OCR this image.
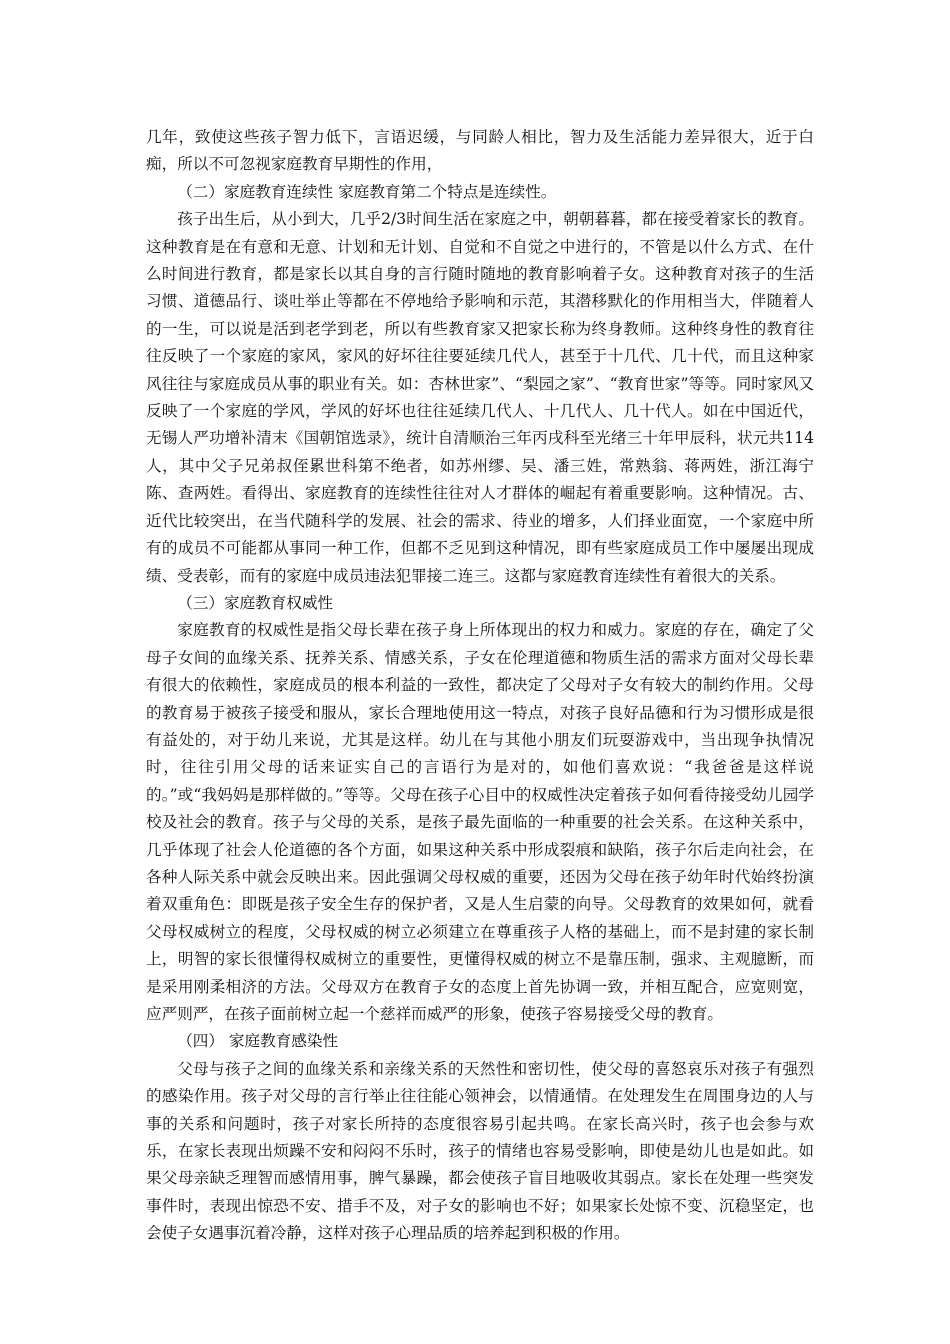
几年，致使这些孩子智力低下，言语迟缓，与同龄人相比，智力及生活能力差异很大，近于白痴，所以不可忽视家庭教育早期性的作用，

（二）家庭教育连续性 家庭教育第二个特点是连续性。

孩子出生后，从小到大，几乎2/3时间生活在家庭之中，朝朝暮暮，都在接受着家长的教育。这种教育是在有意和无意、计划和无计划、自觉和不自觉之中进行的，不管是以什么方式、在什么时间进行教育，都是家长以其自身的言行随时随地的教育影响着子女。这种教育对孩子的生活习惯、道德品行、谈吐举止等都在不停地给予影响和示范，其潜移默化的作用相当大，伴随着人的一生，可以说是活到老学到老，所以有些教育家又把家长称为终身教师。这种终身性的教育往往反映了一个家庭的家风，家风的好坏往往要延续几代人，甚至于十几代、几十代，而且这种家风往往与家庭成员从事的职业有关。如：杏林世家”、“梨园之家”、“教育世家”等等。同时家风又反映了一个家庭的学风，学风的好坏也往往延续几代人、十几代人、几十代人。如在中国近代，无锡人严功增补清末《国朝馆选录》，统计自清顺治三年丙戌科至光绪三十年甲辰科，状元共114人，其中父子兄弟叔侄累世科第不绝者，如苏州缪、吴、潘三姓，常熟翁、蒋两姓，浙江海宁陈、查两姓。看得出、家庭教育的连续性往往对人才群体的崛起有着重要影响。这种情况。古、近代比较突出，在当代随科学的发展、社会的需求、待业的增多，人们择业面宽，一个家庭中所有的成员不可能都从事同一种工作，但都不乏见到这种情况，即有些家庭成员工作中屡屡出现成绩、受表彰，而有的家庭中成员违法犯罪接二连三。这都与家庭教育连续性有着很大的关系。

（三）家庭教育权威性

家庭教育的权威性是指父母长辈在孩子身上所体现出的权力和威力。家庭的存在，确定了父母子女间的血缘关系、抚养关系、情感关系，子女在伦理道德和物质生活的需求方面对父母长辈有很大的依赖性，家庭成员的根本利益的一致性，都决定了父母对子女有较大的制约作用。父母的教育易于被孩子接受和服从，家长合理地使用这一特点，对孩子良好品德和行为习惯形成是很有益处的，对于幼儿来说，尤其是这样。幼儿在与其他小朋友们玩耍游戏中，当出现争执情况时，往往引用父母的话来证实自己的言语行为是对的，如他们喜欢说：“我爸爸是这样说的。”或“我妈妈是那样做的。”等等。父母在孩子心目中的权威性决定着孩子如何看待接受幼儿园学校及社会的教育。孩子与父母的关系，是孩子最先面临的一种重要的社会关系。在这种关系中，几乎体现了社会人伦道德的各个方面，如果这种关系中形成裂痕和缺陷，孩子尔后走向社会，在各种人际关系中就会反映出来。因此强调父母权威的重要，还因为父母在孩子幼年时代始终扮演着双重角色：即既是孩子安全生存的保护者，又是人生启蒙的向导。父母教育的效果如何，就看父母权威树立的程度，父母权威的树立必须建立在尊重孩子人格的基础上，而不是封建的家长制上，明智的家长很懂得权威树立的重要性，更懂得权威的树立不是靠压制，强求、主观臆断，而是采用刚柔相济的方法。父母双方在教育子女的态度上首先协调一致，并相互配合，应宽则宽，应严则严，在孩子面前树立起一个慈祥而威严的形象，使孩子容易接受父母的教育。

（四） 家庭教育感染性

父母与孩子之间的血缘关系和亲缘关系的天然性和密切性，使父母的喜怒哀乐对孩子有强烈的感染作用。孩子对父母的言行举止往往能心领神会，以情通情。在处理发生在周围身边的人与事的关系和问题时，孩子对家长所持的态度很容易引起共鸣。在家长高兴时，孩子也会参与欢乐，在家长表现出烦躁不安和闷闷不乐时，孩子的情绪也容易受影响，即使是幼儿也是如此。如果父母亲缺乏理智而感情用事，脾气暴躁，都会使孩子盲目地吸收其弱点。家长在处理一些突发事件时，表现出惊恐不安、措手不及，对子女的影响也不好；如果家长处惊不变、沉稳坚定，也会使子女遇事沉着冷静，这样对孩子心理品质的培养起到积极的作用。
